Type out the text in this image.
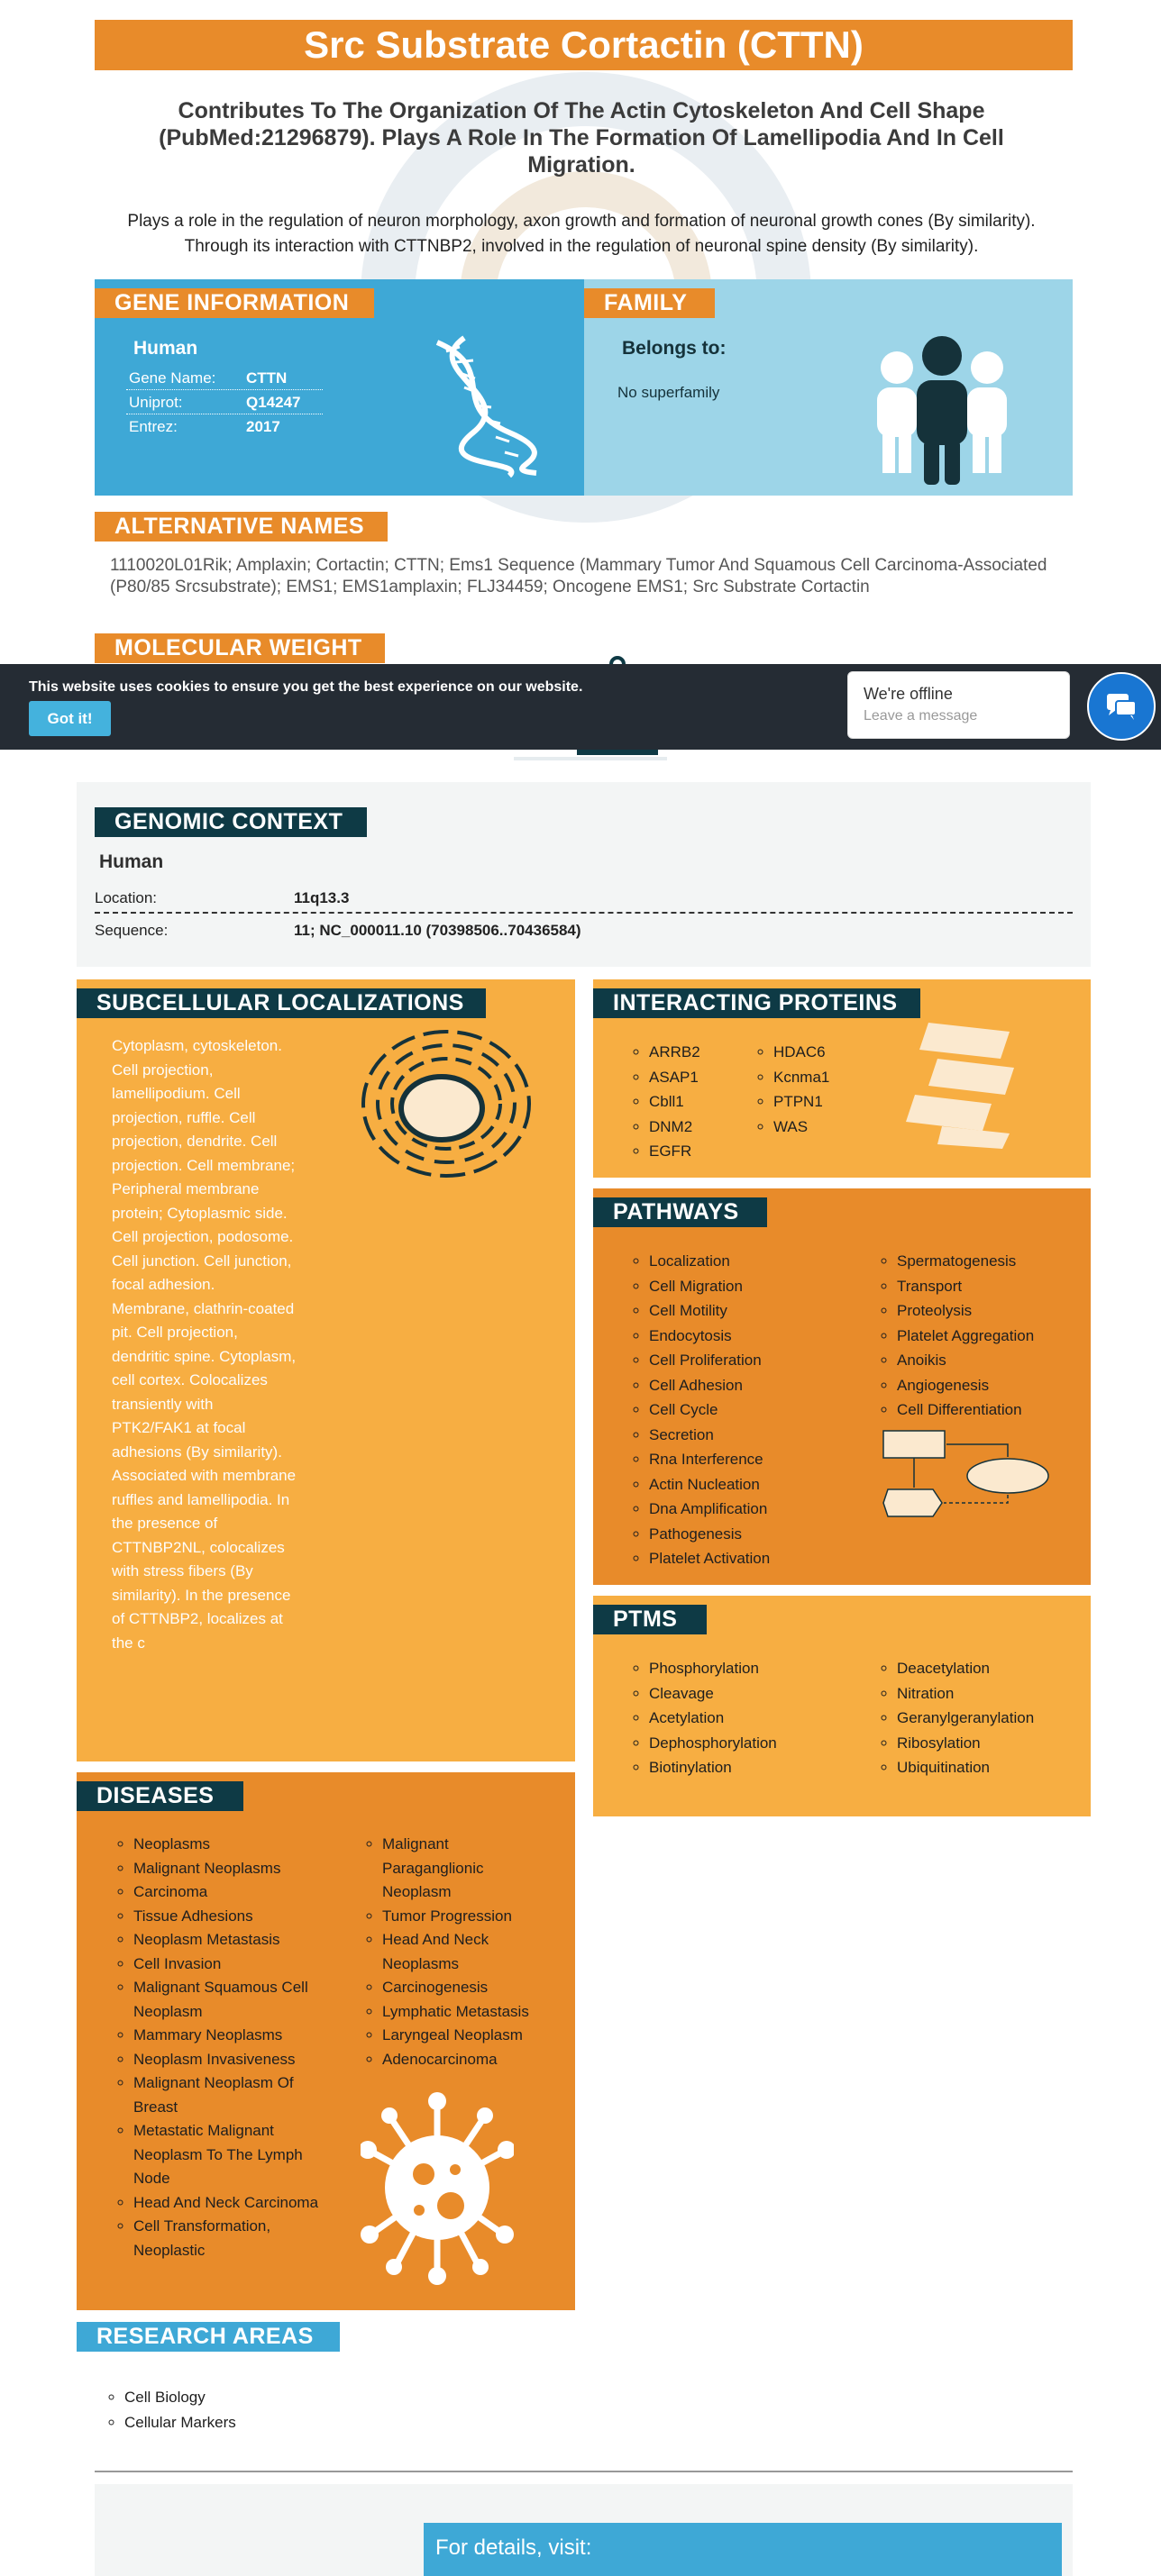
Src Substrate Cortactin (CTTN)
Contributes To The Organization Of The Actin Cytoskeleton And Cell Shape (PubMed:21296879). Plays A Role In The Formation Of Lamellipodia And In Cell Migration.
Plays a role in the regulation of neuron morphology, axon growth and formation of neuronal growth cones (By similarity). Through its interaction with CTTNBP2, involved in the regulation of neuronal spine density (By similarity).
GENE INFORMATION
Human
Gene Name:	CTTN
Uniprot:	Q14247
Entrez:	2017
FAMILY
Belongs to:
No superfamily
ALTERNATIVE NAMES
1110020L01Rik; Amplaxin; Cortactin; CTTN; Ems1 Sequence (Mammary Tumor And Squamous Cell Carcinoma-Associated (P80/85 Srcsubstrate); EMS1; EMS1amplaxin; FLJ34459; Oncogene EMS1; Src Substrate Cortactin
MOLECULAR WEIGHT
This website uses cookies to ensure you get the best experience on our website.
Got it!
We're offline
Leave a message
GENOMIC CONTEXT
Human
Location:	11q13.3
Sequence:	11; NC_000011.10 (70398506..70436584)
SUBCELLULAR LOCALIZATIONS
Cytoplasm, cytoskeleton. Cell projection, lamellipodium. Cell projection, ruffle. Cell projection, dendrite. Cell projection. Cell membrane; Peripheral membrane protein; Cytoplasmic side. Cell projection, podosome. Cell junction. Cell junction, focal adhesion. Membrane, clathrin-coated pit. Cell projection, dendritic spine. Cytoplasm, cell cortex. Colocalizes transiently with PTK2/FAK1 at focal adhesions (By similarity). Associated with membrane ruffles and lamellipodia. In the presence of CTTNBP2NL, colocalizes with stress fibers (By similarity). In the presence of CTTNBP2, localizes at the c
INTERACTING PROTEINS
◦ ARRB2
◦ ASAP1
◦ Cbll1
◦ DNM2
◦ EGFR
◦ HDAC6
◦ Kcnma1
◦ PTPN1
◦ WAS
PATHWAYS
◦ Localization
◦ Cell Migration
◦ Cell Motility
◦ Endocytosis
◦ Cell Proliferation
◦ Cell Adhesion
◦ Cell Cycle
◦ Secretion
◦ Rna Interference
◦ Actin Nucleation
◦ Dna Amplification
◦ Pathogenesis
◦ Platelet Activation
◦ Spermatogenesis
◦ Transport
◦ Proteolysis
◦ Platelet Aggregation
◦ Anoikis
◦ Angiogenesis
◦ Cell Differentiation
PTMS
◦ Phosphorylation
◦ Cleavage
◦ Acetylation
◦ Dephosphorylation
◦ Biotinylation
◦ Deacetylation
◦ Nitration
◦ Geranylgeranylation
◦ Ribosylation
◦ Ubiquitination
DISEASES
◦ Neoplasms
◦ Malignant Neoplasms
◦ Carcinoma
◦ Tissue Adhesions
◦ Neoplasm Metastasis
◦ Cell Invasion
◦ Malignant Squamous Cell Neoplasm
◦ Mammary Neoplasms
◦ Neoplasm Invasiveness
◦ Malignant Neoplasm Of Breast
◦ Metastatic Malignant Neoplasm To The Lymph Node
◦ Head And Neck Carcinoma
◦ Cell Transformation, Neoplastic
◦ Malignant Paraganglionic Neoplasm
◦ Tumor Progression
◦ Head And Neck Neoplasms
◦ Carcinogenesis
◦ Lymphatic Metastasis
◦ Laryngeal Neoplasm
◦ Adenocarcinoma
RESEARCH AREAS
◦ Cell Biology
◦ Cellular Markers
For details, visit:
